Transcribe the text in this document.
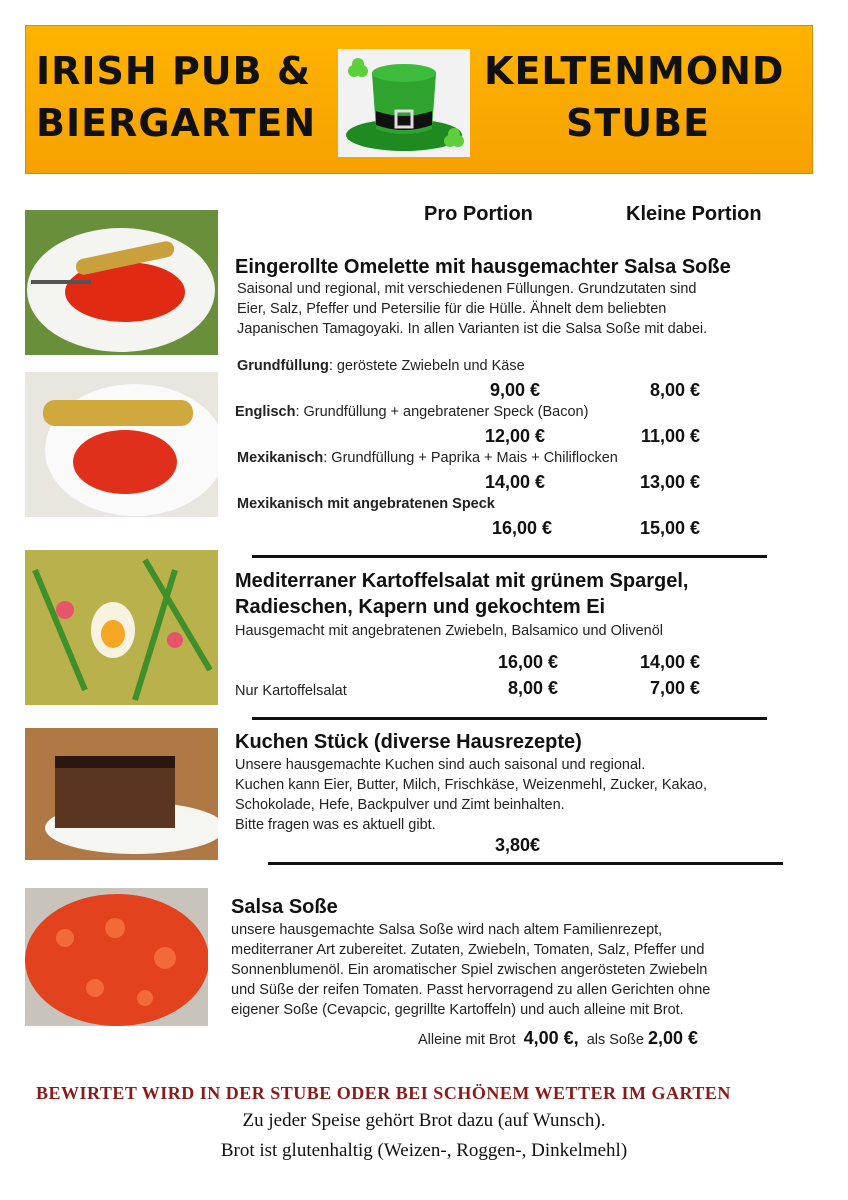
IRISH PUB &
BIERGARTEN
KELTENMOND
STUBE
Pro Portion	Kleine Portion
Eingerollte Omelette mit hausgemachter Salsa Soße
Saisonal und regional, mit verschiedenen Füllungen. Grundzutaten sind
Eier, Salz, Pfeffer und Petersilie für die Hülle. Ähnelt dem beliebten
Japanischen Tamagoyaki. In allen Varianten ist die Salsa Soße mit dabei.
Grundfüllung: geröstete Zwiebeln und Käse
9,00 €	8,00 €
Englisch: Grundfüllung + angebratener Speck (Bacon)
12,00 €	11,00 €
Mexikanisch: Grundfüllung + Paprika + Mais + Chiliflocken
14,00 €	13,00 €
Mexikanisch mit angebratenen Speck
16,00 €	15,00 €
Mediterraner Kartoffelsalat mit grünem Spargel,
Radieschen, Kapern und gekochtem Ei
Hausgemacht mit angebratenen Zwiebeln, Balsamico und Olivenöl
16,00 €	14,00 €
Nur Kartoffelsalat	8,00 €	7,00 €
Kuchen Stück (diverse Hausrezepte)
Unsere hausgemachte Kuchen sind auch saisonal und regional.
Kuchen kann Eier, Butter, Milch, Frischkäse, Weizenmehl, Zucker, Kakao,
Schokolade, Hefe, Backpulver und Zimt beinhalten.
Bitte fragen was es aktuell gibt.
3,80€
Salsa Soße
unsere hausgemachte Salsa Soße wird nach altem Familienrezept,
mediterraner Art zubereitet. Zutaten, Zwiebeln, Tomaten, Salz, Pfeffer und
Sonnenblumenöl. Ein aromatischer Spiel zwischen angerösteten Zwiebeln
und Süße der reifen Tomaten. Passt hervorragend zu allen Gerichten ohne
eigener Soße (Cevapcic, gegrillte Kartoffeln) und auch alleine mit Brot.
Alleine mit Brot 4,00 €, als Soße 2,00 €
BEWIRTET WIRD IN DER STUBE ODER BEI SCHÖNEM WETTER IM GARTEN
Zu jeder Speise gehört Brot dazu (auf Wunsch).
Brot ist glutenhaltig (Weizen-, Roggen-, Dinkelmehl)
